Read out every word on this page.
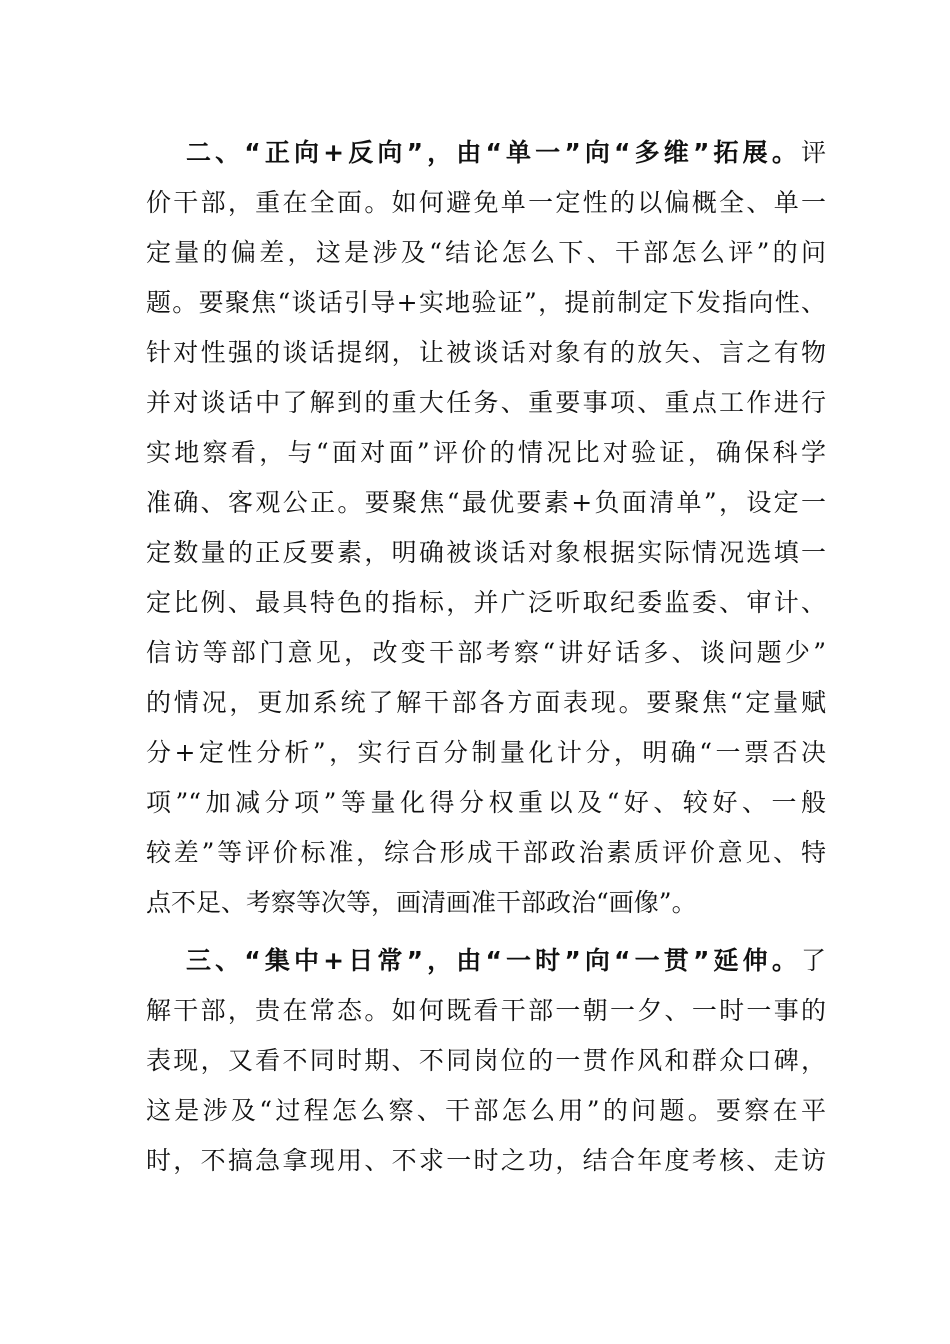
二、“正向+反向”，由“单一”向“多维”拓展。评
价干部，重在全面。如何避免单一定性的以偏概全、单一
定量的偏差，这是涉及“结论怎么下、干部怎么评”的问
题。要聚焦“谈话引导+实地验证”，提前制定下发指向性、
针对性强的谈话提纲，让被谈话对象有的放矢、言之有物
并对谈话中了解到的重大任务、重要事项、重点工作进行
实地察看，与“面对面”评价的情况比对验证，确保科学
准确、客观公正。要聚焦“最优要素+负面清单”，设定一
定数量的正反要素，明确被谈话对象根据实际情况选填一
定比例、最具特色的指标，并广泛听取纪委监委、审计、
信访等部门意见，改变干部考察“讲好话多、谈问题少”
的情况，更加系统了解干部各方面表现。要聚焦“定量赋
分+定性分析”，实行百分制量化计分，明确“一票否决
项”“加减分项”等量化得分权重以及“好、较好、一般
较差”等评价标准，综合形成干部政治素质评价意见、特
点不足、考察等次等，画清画准干部政治“画像”。
三、“集中+日常”，由“一时”向“一贯”延伸。了
解干部，贵在常态。如何既看干部一朝一夕、一时一事的
表现，又看不同时期、不同岗位的一贯作风和群众口碑，
这是涉及“过程怎么察、干部怎么用”的问题。要察在平
时，不搞急拿现用、不求一时之功，结合年度考核、走访
